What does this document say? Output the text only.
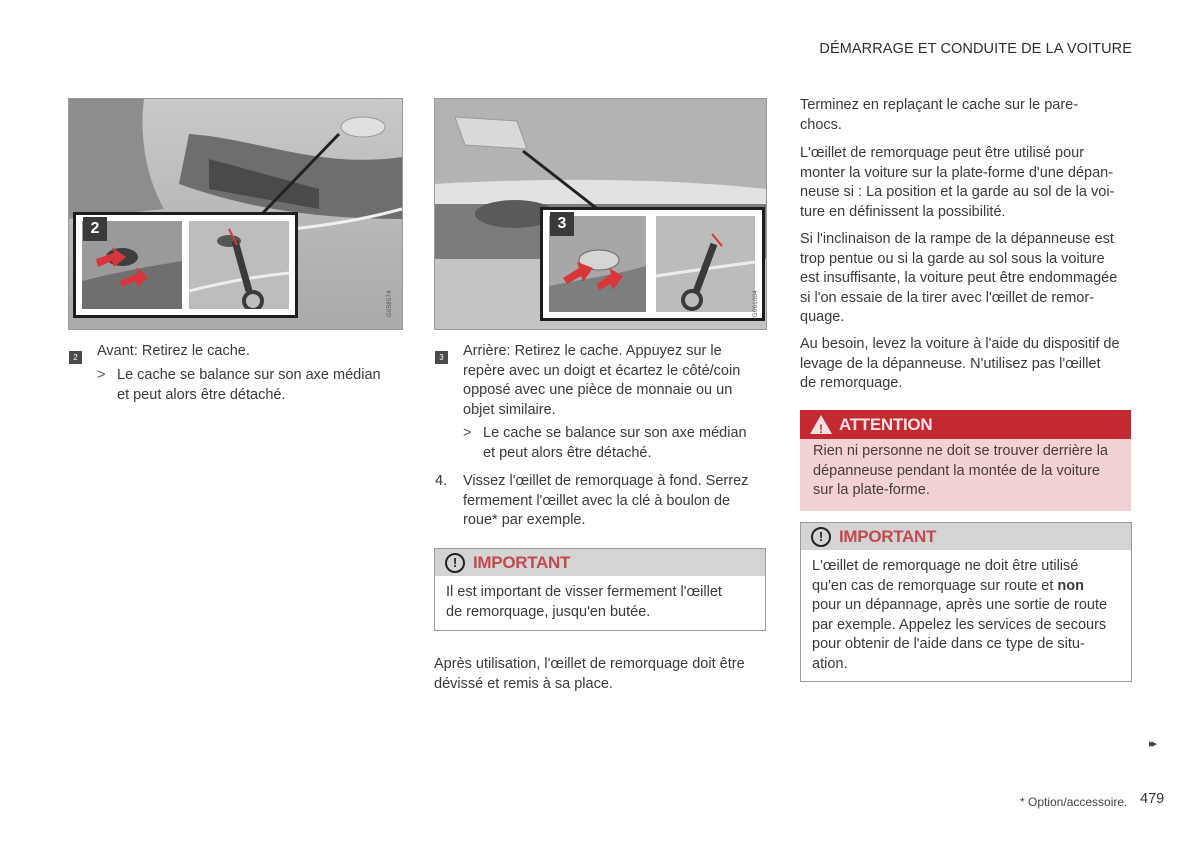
DÉMARRAGE ET CONDUITE DE LA VOITURE
2
G058574
3
G061004
2 Avant: Retirez le cache.
> Le cache se balance sur son axe médian
et peut alors être détaché.
3 Arrière: Retirez le cache. Appuyez sur le
repère avec un doigt et écartez le côté/coin
opposé avec une pièce de monnaie ou un
objet similaire.
> Le cache se balance sur son axe médian
et peut alors être détaché.
4. Vissez l'œillet de remorquage à fond. Serrez
fermement l'œillet avec la clé à boulon de
roue* par exemple.
! IMPORTANT
Il est important de visser fermement l'œillet
de remorquage, jusqu'en butée.
Après utilisation, l'œillet de remorquage doit être
dévissé et remis à sa place.
Terminez en replaçant le cache sur le pare-
chocs.
L'œillet de remorquage peut être utilisé pour
monter la voiture sur la plate-forme d'une dépan-
neuse si : La position et la garde au sol de la voi-
ture en définissent la possibilité.
Si l'inclinaison de la rampe de la dépanneuse est
trop pentue ou si la garde au sol sous la voiture
est insuffisante, la voiture peut être endommagée
si l'on essaie de la tirer avec l'œillet de remor-
quage.
Au besoin, levez la voiture à l'aide du dispositif de
levage de la dépanneuse. N'utilisez pas l'œillet
de remorquage.
! ATTENTION
Rien ni personne ne doit se trouver derrière la
dépanneuse pendant la montée de la voiture
sur la plate-forme.
! IMPORTANT
L'œillet de remorquage ne doit être utilisé
qu'en cas de remorquage sur route et non
pour un dépannage, après une sortie de route
par exemple. Appelez les services de secours
pour obtenir de l'aide dans ce type de situ-
ation.
▸▸
* Option/accessoire. 479
